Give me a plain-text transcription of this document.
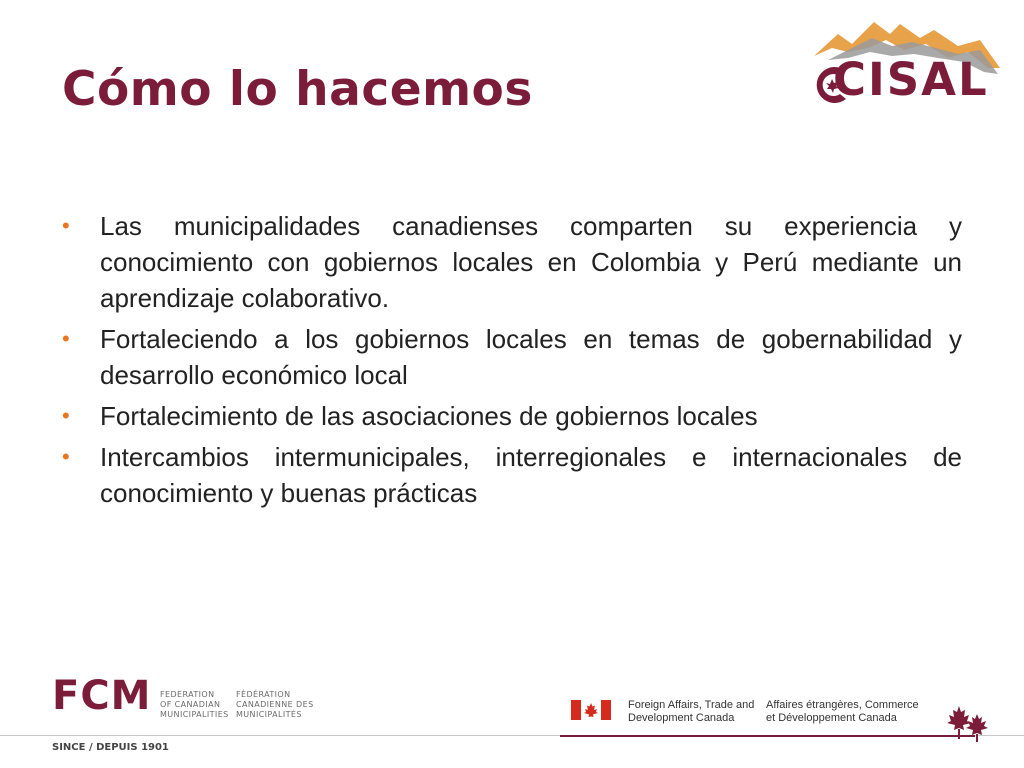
Cómo lo hacemos	CISAL
• Las municipalidades canadienses comparten su experiencia y conocimiento con gobiernos locales en Colombia y Perú mediante un aprendizaje colaborativo.
• Fortaleciendo a los gobiernos locales en temas de gobernabilidad y desarrollo económico local
• Fortalecimiento de las asociaciones de gobiernos locales
• Intercambios intermunicipales, interregionales e internacionales de conocimiento y buenas prácticas
FCM FEDERATION
OF CANADIAN
MUNICIPALITIES
FÉDÉRATION
CANADIENNE DES
MUNICIPALITÉS
SINCE / DEPUIS 1901
Foreign Affairs, Trade and
Development Canada
Affaires étrangères, Commerce
et Développement Canada
